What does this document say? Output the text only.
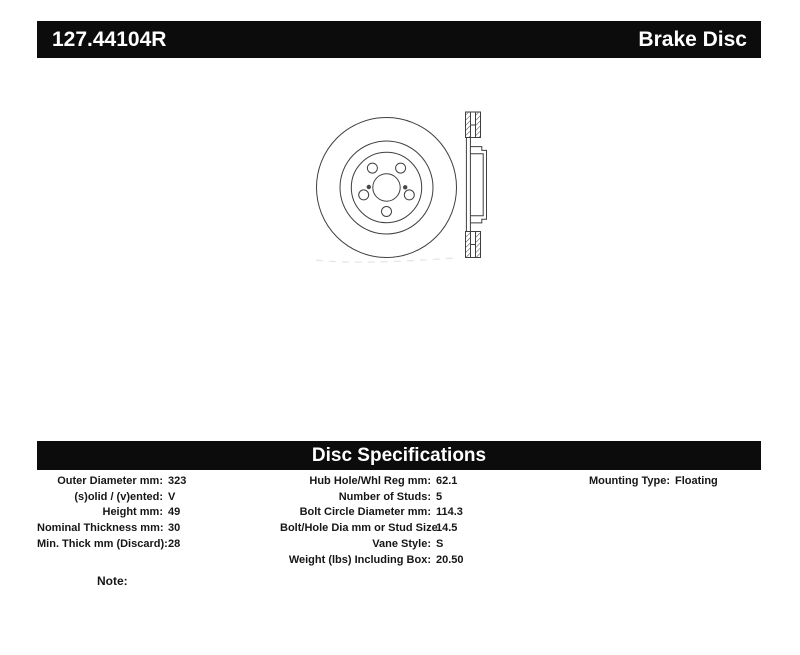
127.44104R	Brake Disc
Disc Specifications
Outer Diameter mm: 323
(s)olid / (v)ented: V
Height mm: 49
Nominal Thickness mm: 30
Min. Thick mm (Discard): 28
Hub Hole/Whl Reg mm: 62.1
Number of Studs: 5
Bolt Circle Diameter mm: 114.3
Bolt/Hole Dia mm or Stud Size:
14.5
Vane Style: S
Weight (lbs) Including Box: 20.50
Mounting Type: Floating
Note:
